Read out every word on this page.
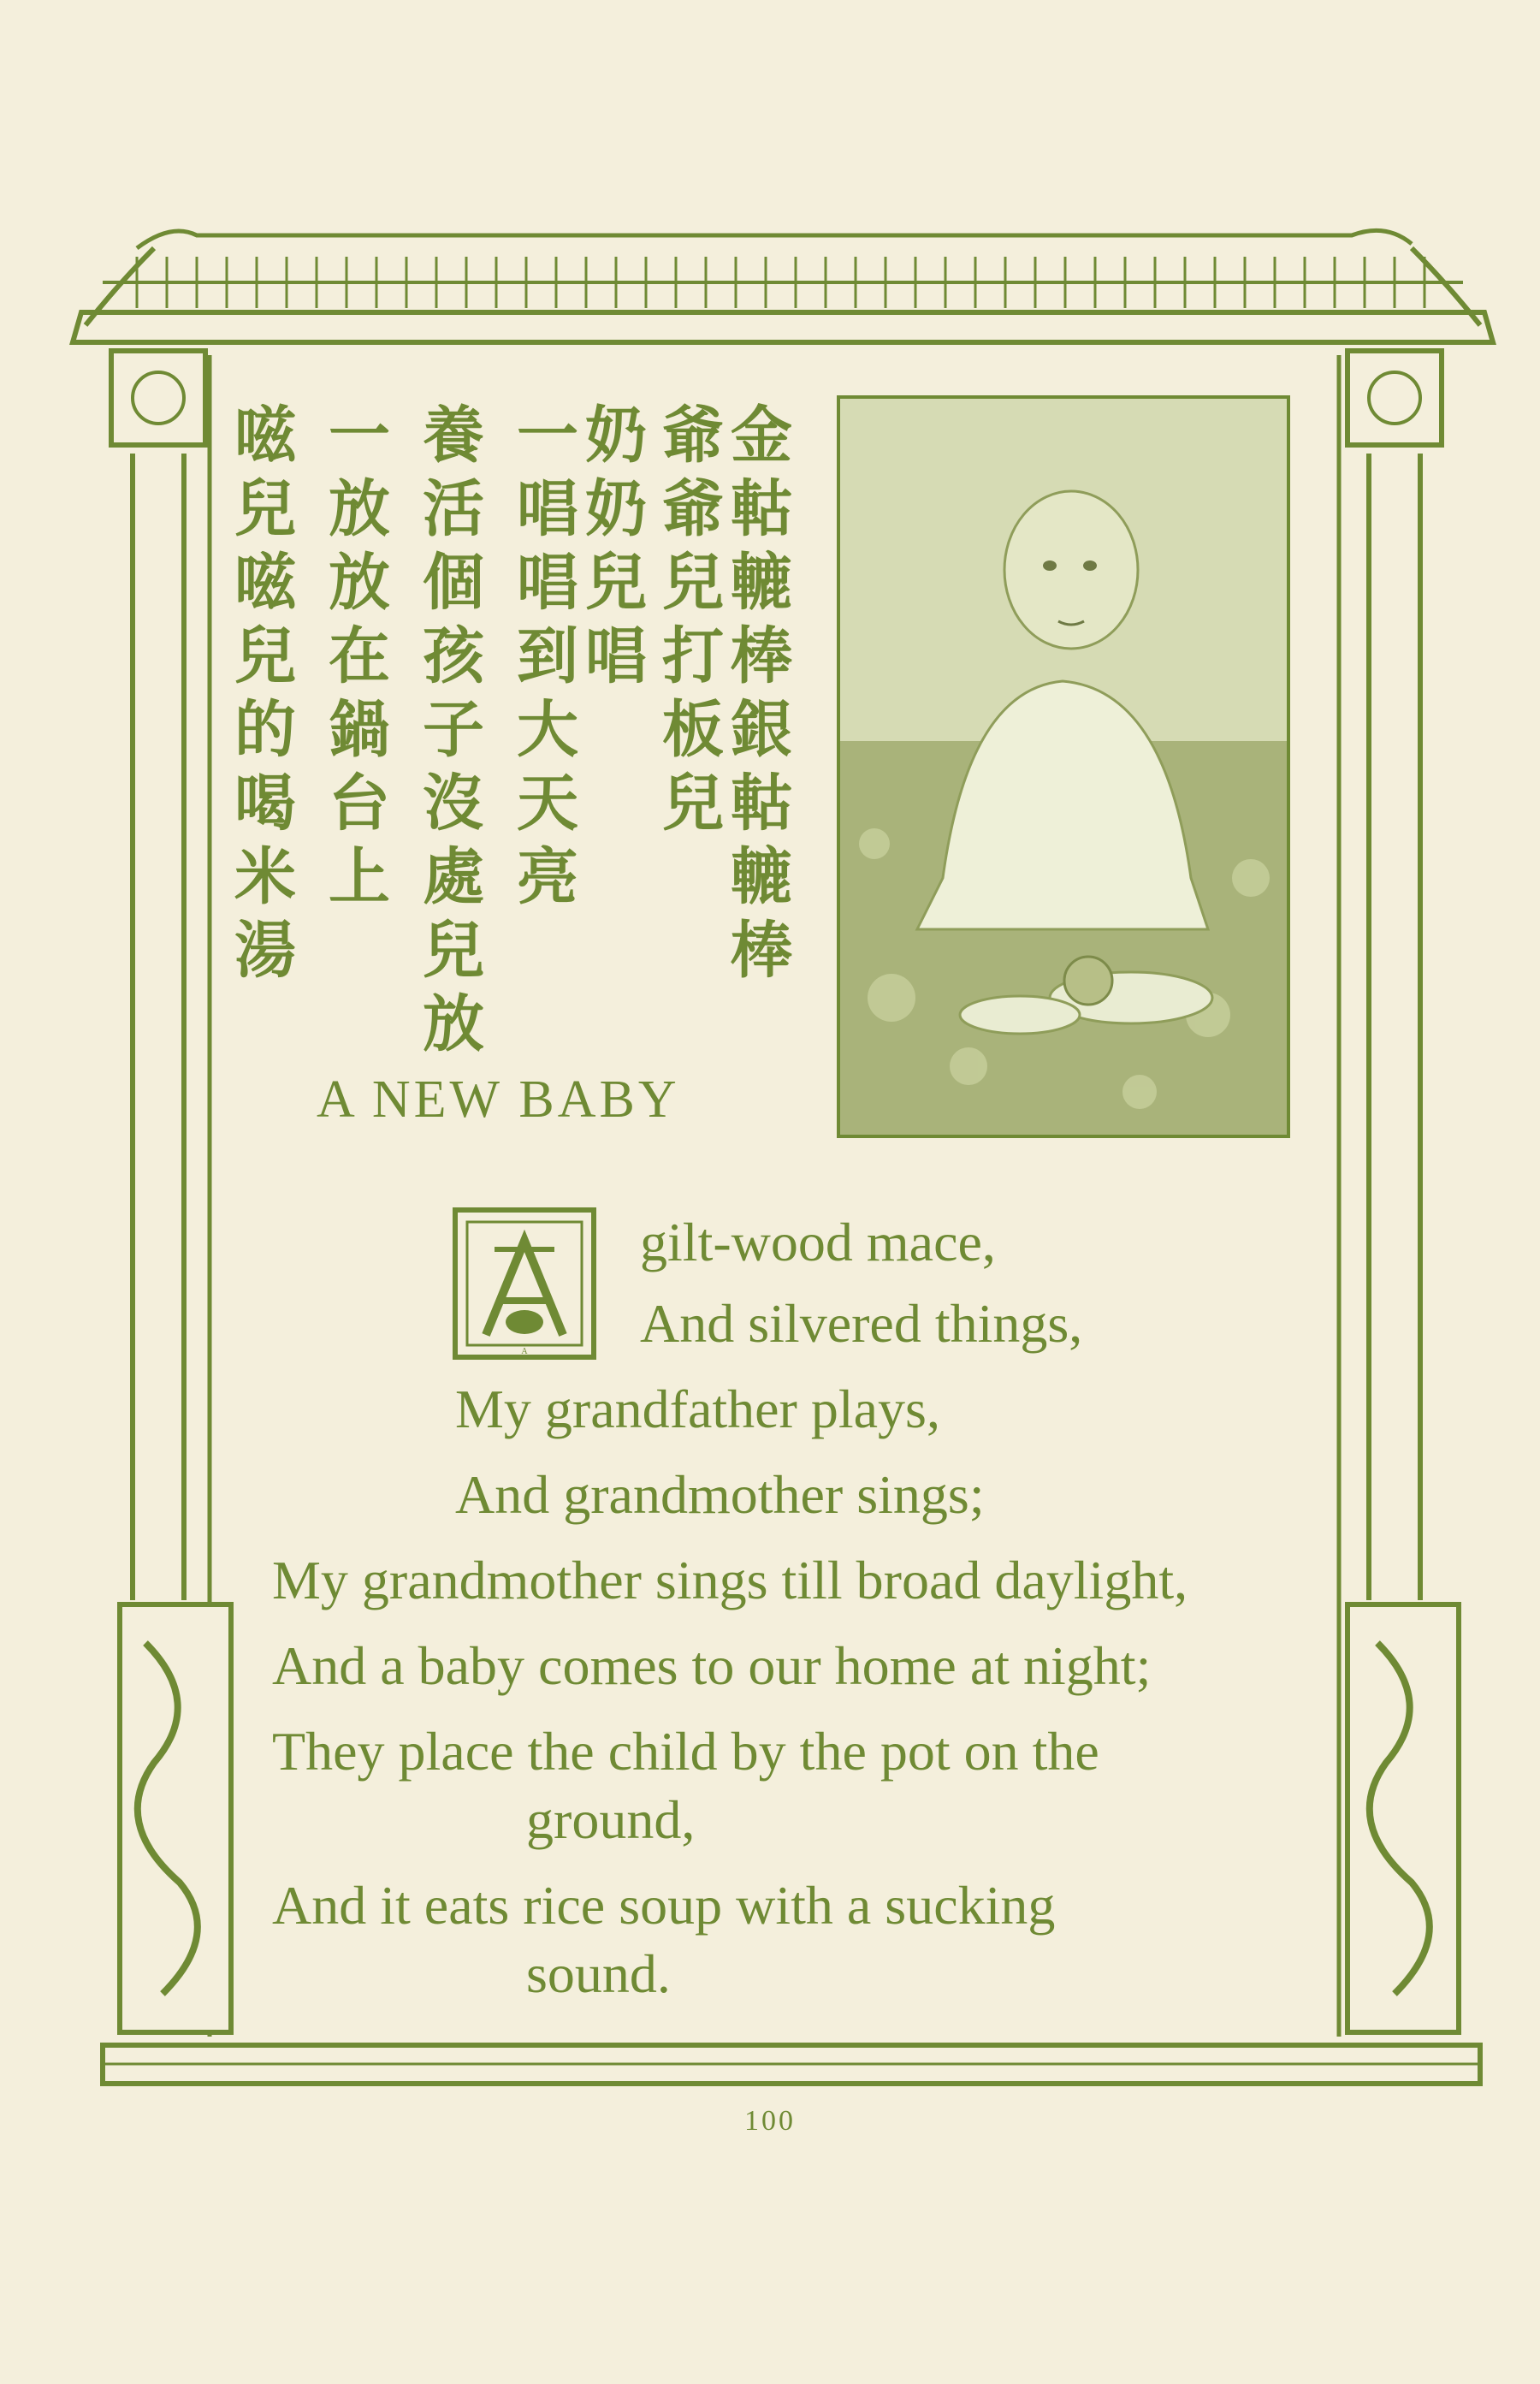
金軲轆棒銀軲轆棒
爺爺兒打板兒
奶奶兒唱
一唱唱到大天亮
養活個孩子沒處兒放
一放放在鍋台上
嗞兒嗞兒的喝米湯
A NEW BABY
A
gilt-wood mace,
And silvered things,
My grandfather plays,
And grandmother sings;
My grandmother sings till broad daylight,
And a baby comes to our home at night;
They place the child by the pot on the
ground,
And it eats rice soup with a sucking
sound.
100
